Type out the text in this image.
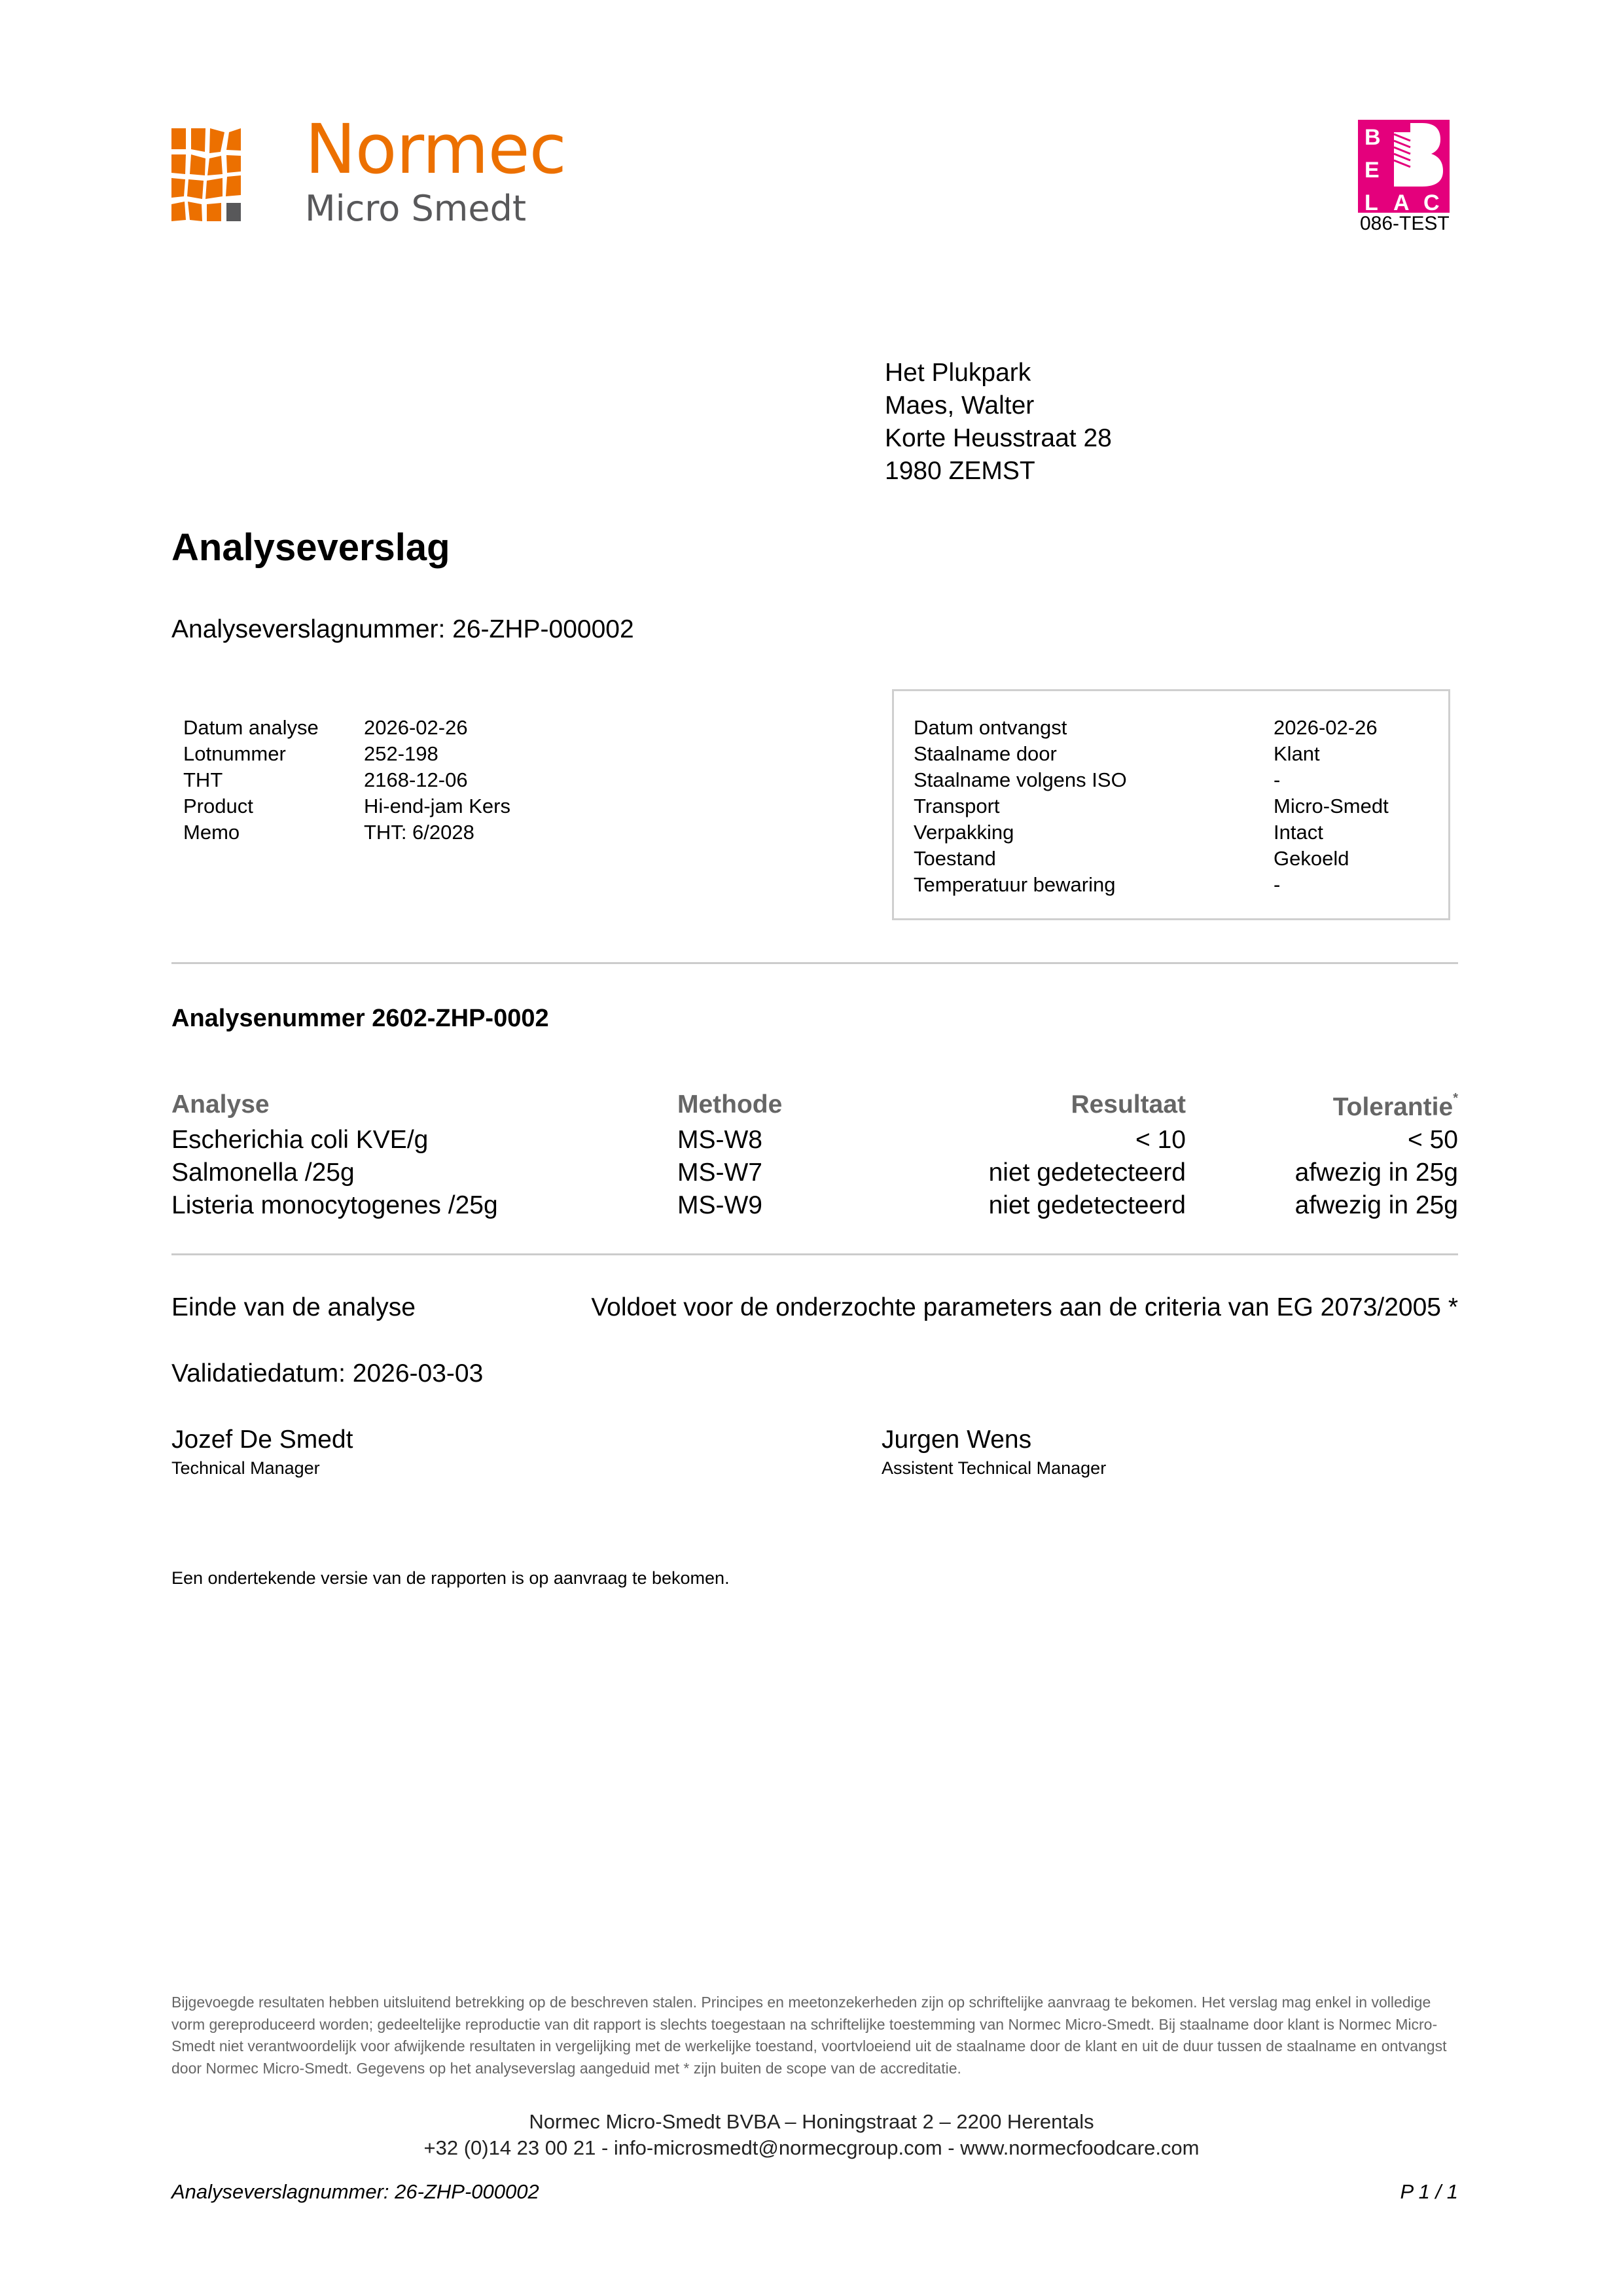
Normec
Micro Smedt
B
E
L A C
086-TEST
Het Plukpark
Maes, Walter
Korte Heusstraat 28
1980 ZEMST
Analyseverslag
Analyseverslagnummer: 26-ZHP-000002
Datum analyse	2026-02-26
Lotnummer	252-198
THT	2168-12-06
Product	Hi-end-jam Kers
Memo	THT: 6/2028
Datum ontvangst	2026-02-26
Staalname door	Klant
Staalname volgens ISO	-
Transport	Micro-Smedt
Verpakking	Intact
Toestand	Gekoeld
Temperatuur bewaring	-
Analysenummer 2602-ZHP-0002
Analyse	Methode	Resultaat	Tolerantie*
Escherichia coli KVE/g	MS-W8	< 10	< 50
Salmonella /25g	MS-W7	niet gedetecteerd	afwezig in 25g
Listeria monocytogenes /25g	MS-W9	niet gedetecteerd	afwezig in 25g
Einde van de analyse	Voldoet voor de onderzochte parameters aan de criteria van EG 2073/2005 *
Validatiedatum: 2026-03-03
Jozef De Smedt
Technical Manager
Jurgen Wens
Assistent Technical Manager
Een ondertekende versie van de rapporten is op aanvraag te bekomen.
Bijgevoegde resultaten hebben uitsluitend betrekking op de beschreven stalen. Principes en meetonzekerheden zijn op schriftelijke aanvraag te bekomen. Het verslag mag enkel in volledige vorm gereproduceerd worden; gedeeltelijke reproductie van dit rapport is slechts toegestaan na schriftelijke toestemming van Normec Micro-Smedt. Bij staalname door klant is Normec Micro-Smedt niet verantwoordelijk voor afwijkende resultaten in vergelijking met de werkelijke toestand, voortvloeiend uit de staalname door de klant en uit de duur tussen de staalname en ontvangst door Normec Micro-Smedt. Gegevens op het analyseverslag aangeduid met * zijn buiten de scope van de accreditatie.
Normec Micro-Smedt BVBA – Honingstraat 2 – 2200 Herentals
+32 (0)14 23 00 21 - info-microsmedt@normecgroup.com - www.normecfoodcare.com
Analyseverslagnummer: 26-ZHP-000002	P 1 / 1
